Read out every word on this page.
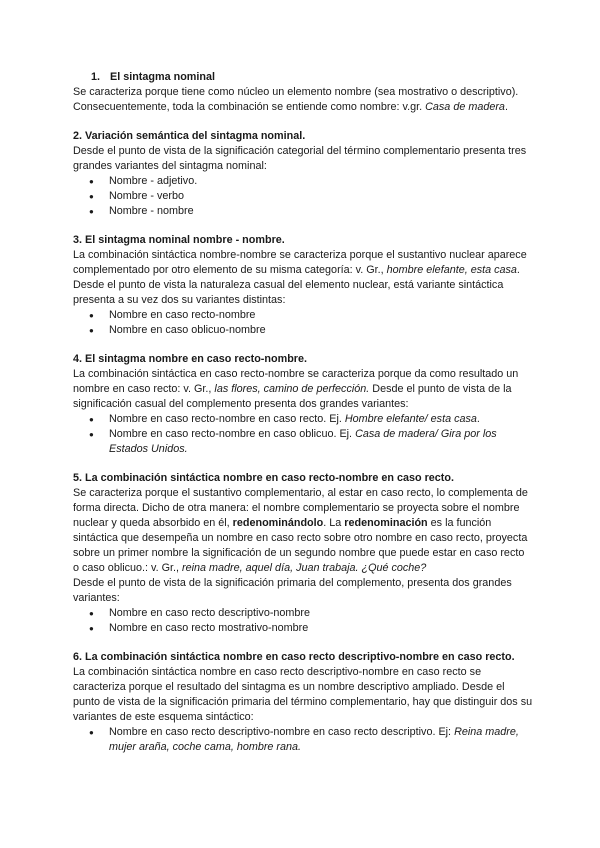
1. El sintagma nominal

Se caracteriza porque tiene como núcleo un elemento nombre (sea mostrativo o descriptivo). Consecuentemente, toda la combinación se entiende como nombre: v.gr. Casa de madera.

2. Variación semántica del sintagma nominal.

Desde el punto de vista de la significación categorial del término complementario presenta tres grandes variantes del sintagma nominal:

● Nombre - adjetivo.
● Nombre - verbo
● Nombre - nombre

3. El sintagma nominal nombre - nombre.

La combinación sintáctica nombre-nombre se caracteriza porque el sustantivo nuclear aparece complementado por otro elemento de su misma categoría: v. Gr., hombre elefante, esta casa. Desde el punto de vista la naturaleza casual del elemento nuclear, está variante sintáctica presenta a su vez dos su variantes distintas:

● Nombre en caso recto-nombre
● Nombre en caso oblicuo-nombre

4. El sintagma nombre en caso recto-nombre.

La combinación sintáctica en caso recto-nombre se caracteriza porque da como resultado un nombre en caso recto: v. Gr., las flores, camino de perfección. Desde el punto de vista de la significación casual del complemento presenta dos grandes variantes:

● Nombre en caso recto-nombre en caso recto. Ej. Hombre elefante/ esta casa.
● Nombre en caso recto-nombre en caso oblicuo. Ej. Casa de madera/ Gira por los Estados Unidos.

5. La combinación sintáctica nombre en caso recto-nombre en caso recto.

Se caracteriza porque el sustantivo complementario, al estar en caso recto, lo complementa de forma directa. Dicho de otra manera: el nombre complementario se proyecta sobre el nombre nuclear y queda absorbido en él, redenominándolo. La redenominación es la función sintáctica que desempeña un nombre en caso recto sobre otro nombre en caso recto, proyecta sobre un primer nombre la significación de un segundo nombre que puede estar en caso recto o caso oblicuo.: v. Gr., reina madre, aquel día, Juan trabaja. ¿Qué coche?

Desde el punto de vista de la significación primaria del complemento, presenta dos grandes variantes:

● Nombre en caso recto descriptivo-nombre
● Nombre en caso recto mostrativo-nombre

6. La combinación sintáctica nombre en caso recto descriptivo-nombre en caso recto.

La combinación sintáctica nombre en caso recto descriptivo-nombre en caso recto se caracteriza porque el resultado del sintagma es un nombre descriptivo ampliado. Desde el punto de vista de la significación primaria del término complementario, hay que distinguir dos su variantes de este esquema sintáctico:

● Nombre en caso recto descriptivo-nombre en caso recto descriptivo. Ej: Reina madre, mujer araña, coche cama, hombre rana.
